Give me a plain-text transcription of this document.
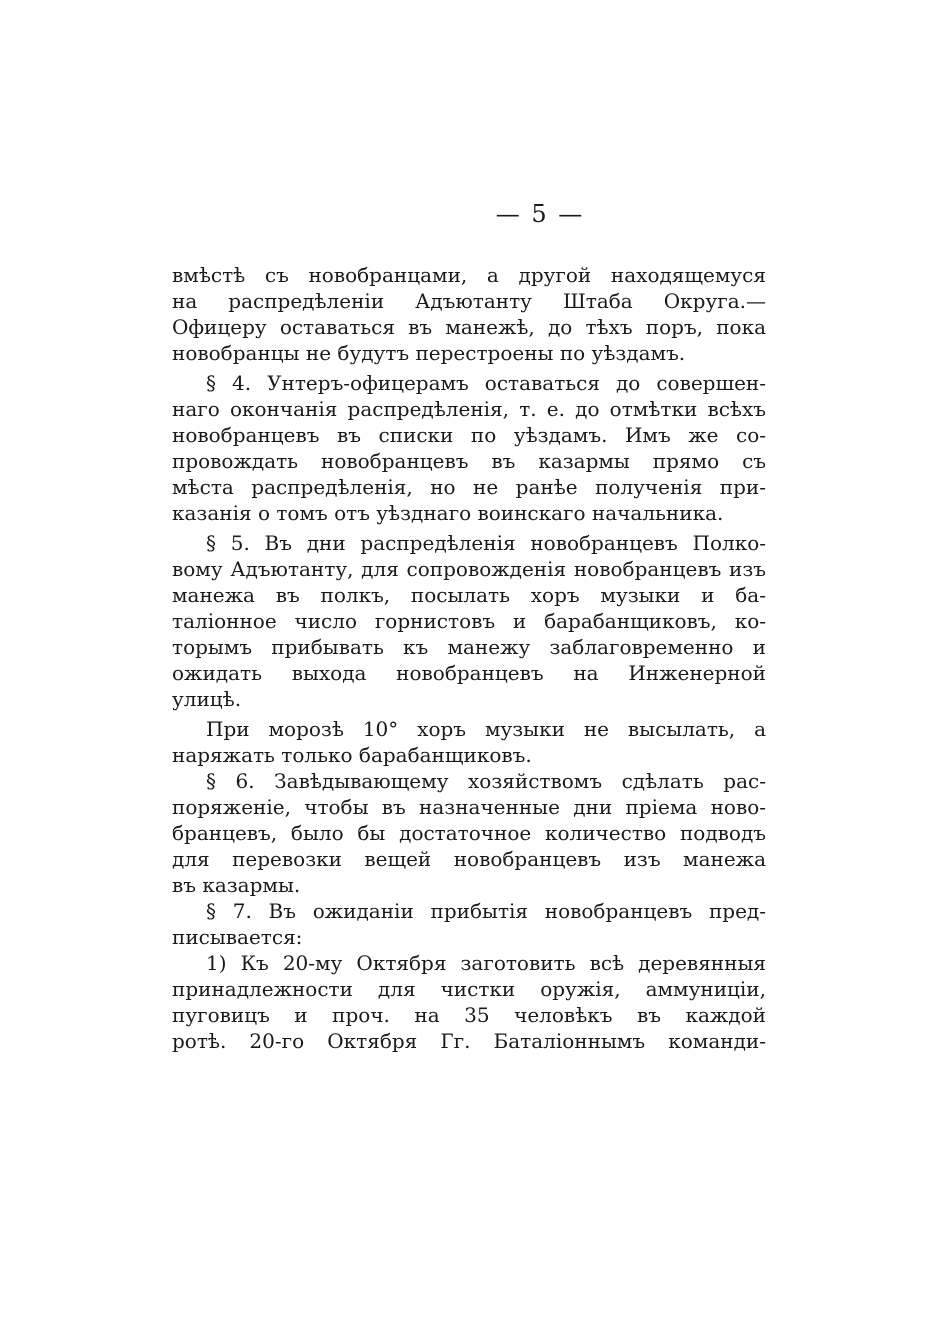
— 5 —
вмѣстѣ съ новобранцами, а другой находящемуся
на распредѣленіи Адъютанту Штаба Округа.—
Офицеру оставаться въ манежѣ, до тѣхъ поръ, пока
новобранцы не будутъ перестроены по уѣздамъ.
§ 4. Унтеръ-офицерамъ оставаться до совершен-
наго окончанія распредѣленія, т. е. до отмѣтки всѣхъ
новобранцевъ въ списки по уѣздамъ. Имъ же со-
провождать новобранцевъ въ казармы прямо съ
мѣста распредѣленія, но не ранѣе полученія при-
казанія о томъ отъ уѣзднаго воинскаго начальника.
§ 5. Въ дни распредѣленія новобранцевъ Полко-
вому Адъютанту, для сопровожденія новобранцевъ изъ
манежа въ полкъ, посылать хоръ музыки и ба-
таліонное число горнистовъ и барабанщиковъ, ко-
торымъ прибывать къ манежу заблаговременно и
ожидать выхода новобранцевъ на Инженерной
улицѣ.
При морозѣ 10° хоръ музыки не высылать, а
наряжать только барабанщиковъ.
§ 6. Завѣдывающему хозяйствомъ сдѣлать рас-
поряженіе, чтобы въ назначенные дни пріема ново-
бранцевъ, было бы достаточное количество подводъ
для перевозки вещей новобранцевъ изъ манежа
въ казармы.
§ 7. Въ ожиданіи прибытія новобранцевъ пред-
писывается:
1) Къ 20-му Октября заготовить всѣ деревянныя
принадлежности для чистки оружія, аммуниціи,
пуговицъ и проч. на 35 человѣкъ въ каждой
ротѣ. 20-го Октября Гг. Баталіоннымъ команди-
